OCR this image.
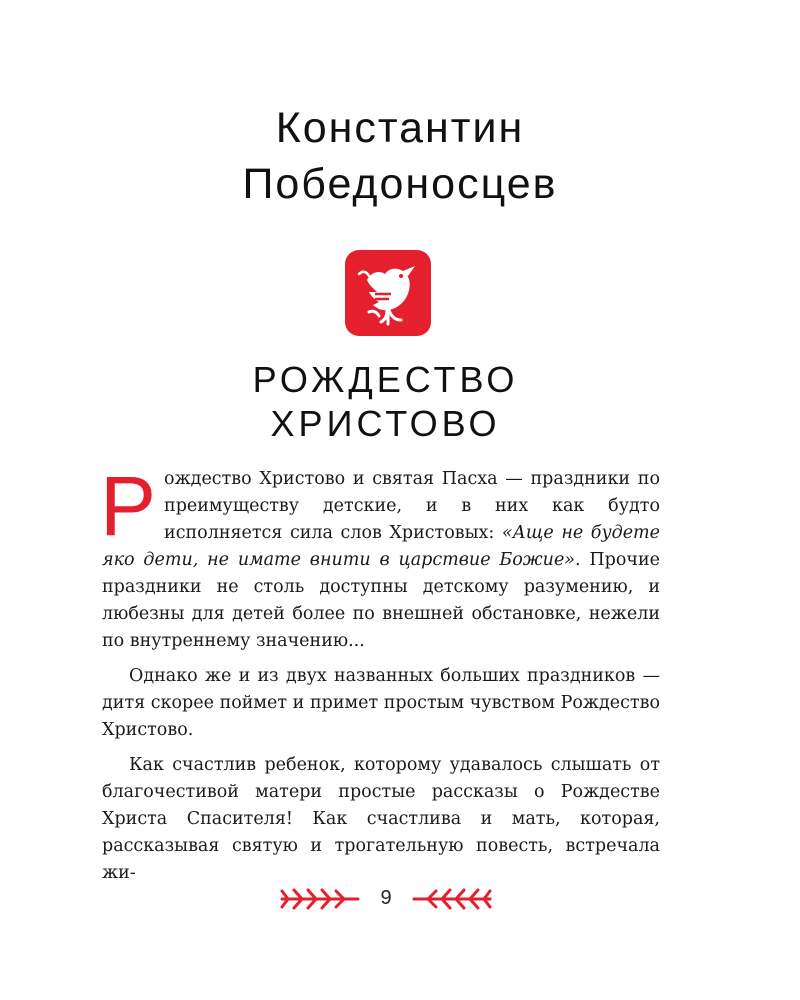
Константин
Победоносцев
РОЖДЕСТВО
ХРИСТОВО

Рождество Христово и святая Пасха — праздники по преимуществу детские, и в них как будто исполняется сила слов Христовых: «Аще не будете яко дети, не имате внити в царствие Божие». Прочие праздники не столь доступны детскому разумению, и любезны для детей более по внешней обстановке, нежели по внутреннему значению...

Однако же и из двух названных больших праздников — дитя скорее поймет и примет простым чувством Рождество Христово.

Как счастлив ребенок, которому удавалось слышать от благочестивой матери простые рассказы о Рождестве Христа Спасителя! Как счастлива и мать, которая, рассказывая святую и трогательную повесть, встречала жи-

9
